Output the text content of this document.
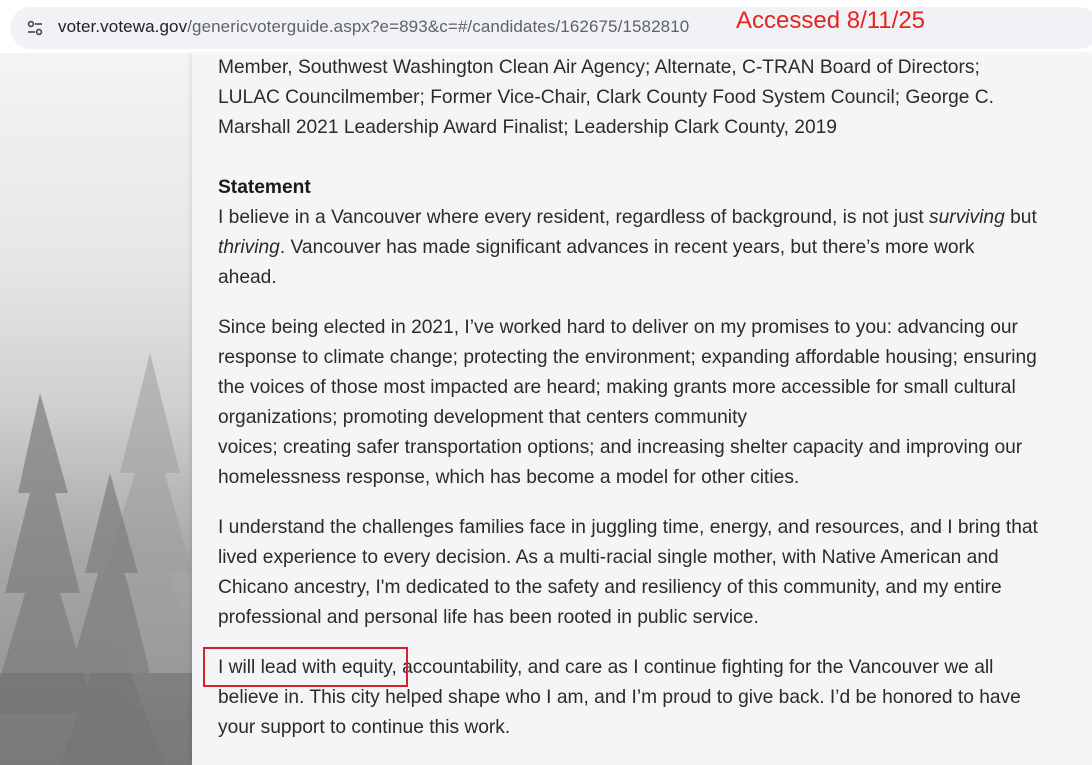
voter.votewa.gov/genericvoterguide.aspx?e=893&c=#/candidates/162675/1582810 Accessed 8/11/25
Member, Southwest Washington Clean Air Agency; Alternate, C-TRAN Board of Directors; LULAC Councilmember; Former Vice-Chair, Clark County Food System Council; George C. Marshall 2021 Leadership Award Finalist; Leadership Clark County, 2019
Statement
I believe in a Vancouver where every resident, regardless of background, is not just surviving but thriving. Vancouver has made significant advances in recent years, but there’s more work ahead.
Since being elected in 2021, I’ve worked hard to deliver on my promises to you: advancing our response to climate change; protecting the environment; expanding affordable housing; ensuring the voices of those most impacted are heard; making grants more accessible for small cultural organizations; promoting development that centers community
voices; creating safer transportation options; and increasing shelter capacity and improving our homelessness response, which has become a model for other cities.
I understand the challenges families face in juggling time, energy, and resources, and I bring that lived experience to every decision. As a multi-racial single mother, with Native American and Chicano ancestry, I'm dedicated to the safety and resiliency of this community, and my entire professional and personal life has been rooted in public service.
I will lead with equity, accountability, and care as I continue fighting for the Vancouver we all believe in. This city helped shape who I am, and I’m proud to give back. I’d be honored to have your support to continue this work.
